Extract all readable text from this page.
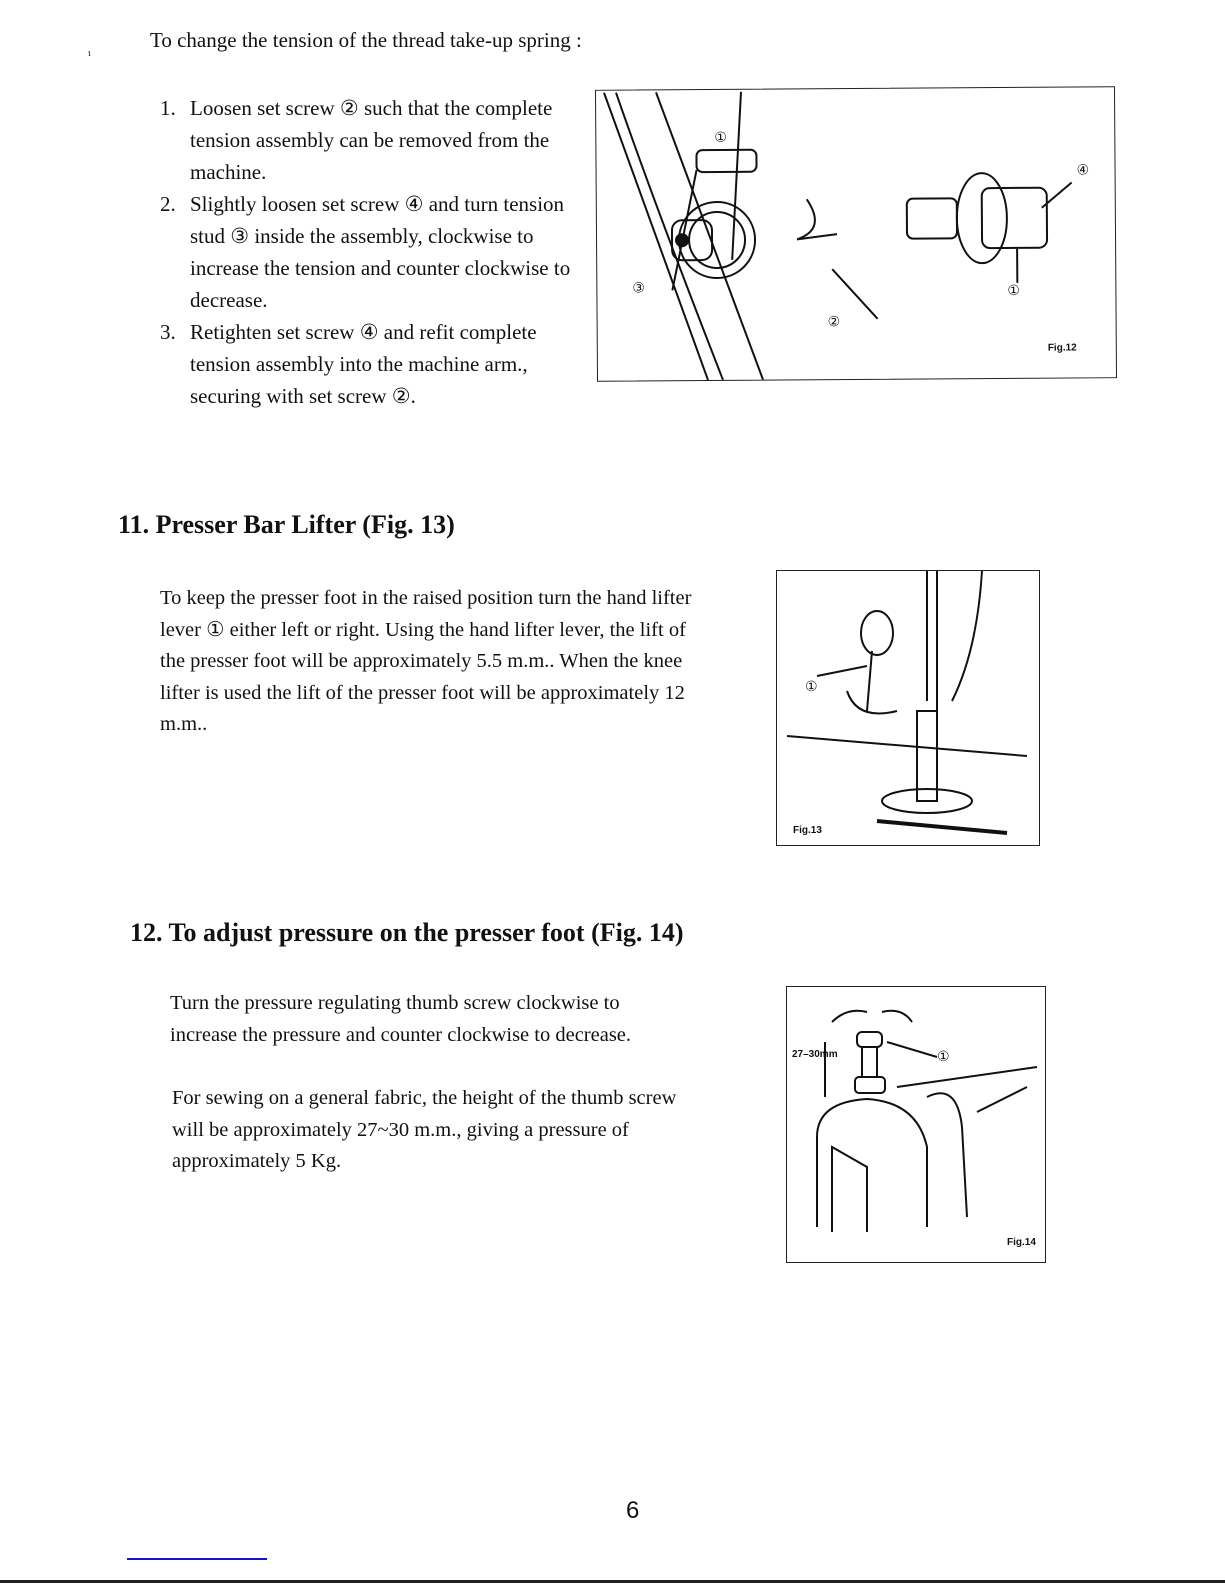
ι
To change the tension of the thread take-up spring :
1. Loosen set screw ② such that the complete tension assembly can be removed from the machine.
2. Slightly loosen set screw ④ and turn tension stud ③ inside the assembly, clockwise to increase the tension and counter clockwise to decrease.
3. Retighten set screw ④ and refit complete tension assembly into the machine arm., securing with set screw ②.
①
②
③
④
①
Fig.12
11. Presser Bar Lifter (Fig. 13)
To keep the presser foot in the raised position turn the hand lifter lever ① either left or right. Using the hand lifter lever, the lift of the presser foot will be approximately 5.5 m.m.. When the knee lifter is used the lift of the presser foot will be approximately 12 m.m..
①
Fig.13
12. To adjust pressure on the presser foot (Fig. 14)
Turn the pressure regulating thumb screw clockwise to increase the pressure and counter clockwise to decrease.
For sewing on a general fabric, the height of the thumb screw will be approximately 27~30 m.m., giving a pressure of approximately 5 Kg.
27–30mm	①
Fig.14
6
